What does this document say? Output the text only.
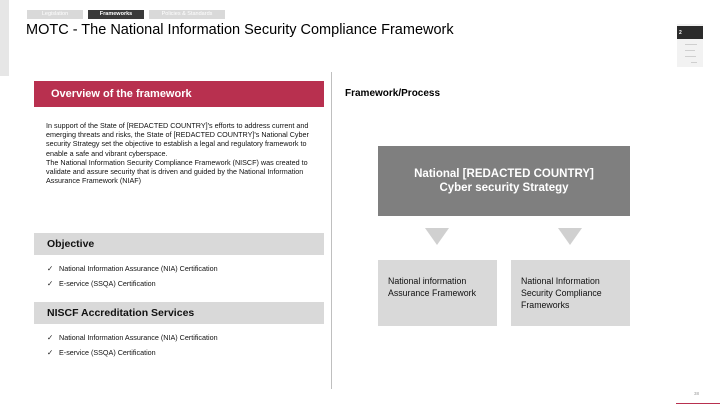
Legislation	Frameworks	Policies & Standards
MOTC - The National Information Security Compliance Framework	2
Overview of the framework

In support of the State of [REDACTED COUNTRY]'s efforts to address current and emerging threats and risks, the State of [REDACTED COUNTRY]'s National Cyber security Strategy set the objective to establish a legal and regulatory framework to enable a safe and vibrant cyberspace.

The National Information Security Compliance Framework (NISCF) was created to validate and assure security that is driven and guided by the National Information Assurance Framework (NIAF)

Objective
✓ National Information Assurance (NIA) Certification
✓ E-service (SSQA) Certification
NISCF Accreditation Services
✓ National Information Assurance (NIA) Certification
✓ E-service (SSQA) Certification
Framework/Process
National [REDACTED COUNTRY]
Cyber security Strategy
National information Assurance Framework
National Information Security Compliance Frameworks
38
